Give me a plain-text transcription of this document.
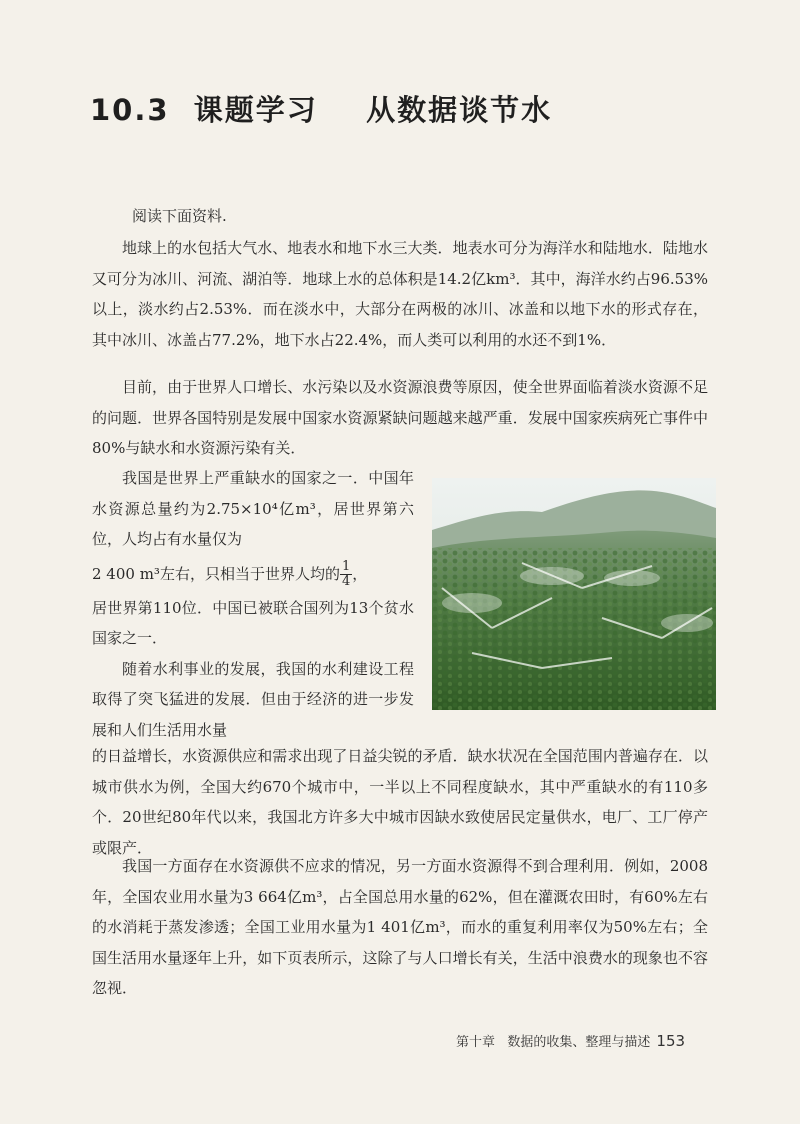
10.3  课题学习    从数据谈节水

阅读下面资料.

地球上的水包括大气水、地表水和地下水三大类．地表水可分为海洋水和陆地水．陆地水又可分为冰川、河流、湖泊等．地球上水的总体积是14.2亿km³．其中，海洋水约占96.53%以上，淡水约占2.53%．而在淡水中，大部分在两极的冰川、冰盖和以地下水的形式存在，其中冰川、冰盖占77.2%，地下水占22.4%，而人类可以利用的水还不到1%．

目前，由于世界人口增长、水污染以及水资源浪费等原因，使全世界面临着淡水资源不足的问题．世界各国特别是发展中国家水资源紧缺问题越来越严重．发展中国家疾病死亡事件中80%与缺水和水资源污染有关．

我国是世界上严重缺水的国家之一．中国年水资源总量约为2.75×10⁴亿m³，居世界第六位，人均占有水量仅为

2 400 m³左右，只相当于世界人均的 $\frac{1}{4}$ ，

居世界第110位．中国已被联合国列为13个贫水国家之一．

随着水利事业的发展，我国的水利建设工程取得了突飞猛进的发展．但由于经济的进一步发展和人们生活用水量

的日益增长，水资源供应和需求出现了日益尖锐的矛盾．缺水状况在全国范围内普遍存在．以城市供水为例，全国大约670个城市中，一半以上不同程度缺水，其中严重缺水的有110多个．20世纪80年代以来，我国北方许多大中城市因缺水致使居民定量供水，电厂、工厂停产或限产．

我国一方面存在水资源供不应求的情况，另一方面水资源得不到合理利用．例如，2008年，全国农业用水量为3 664亿m³，占全国总用水量的62%，但在灌溉农田时，有60%左右的水消耗于蒸发渗透；全国工业用水量为1 401亿m³，而水的重复利用率仅为50%左右；全国生活用水量逐年上升，如下页表所示，这除了与人口增长有关，生活中浪费水的现象也不容忽视．

第十章   数据的收集、整理与描述 153
